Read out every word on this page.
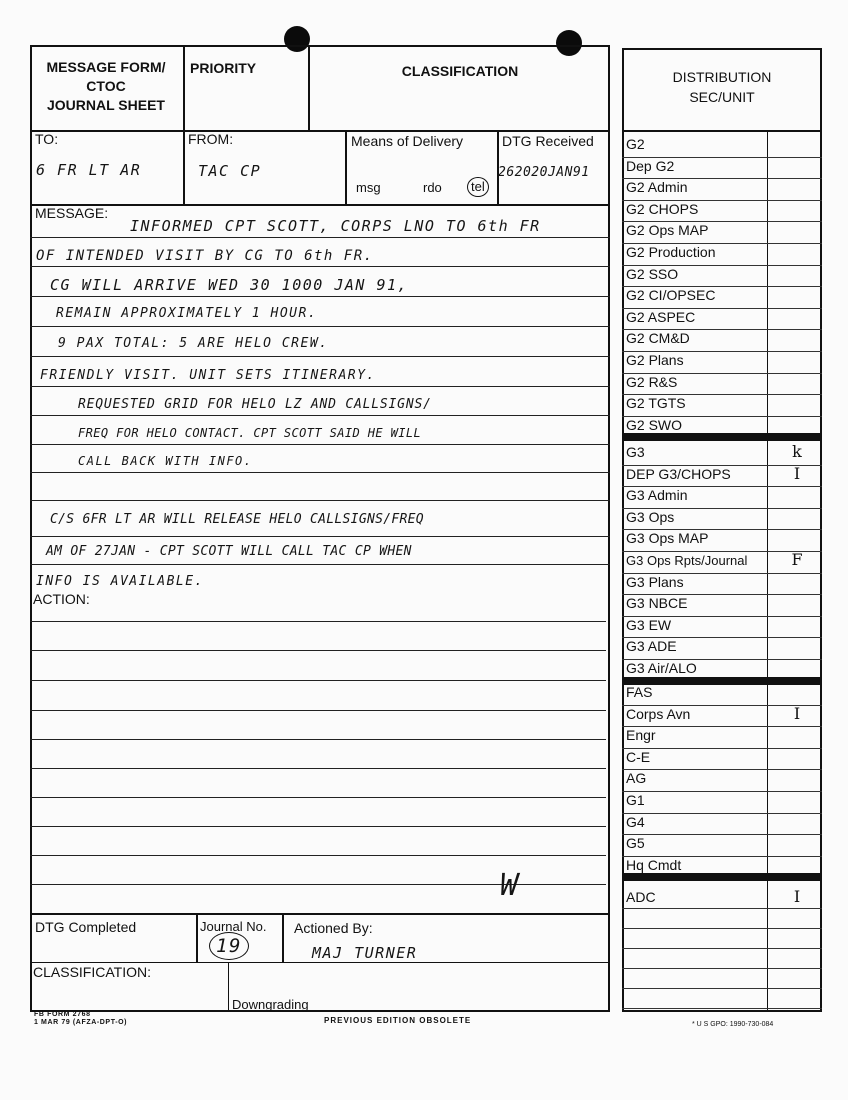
MESSAGE FORM/
CTOC
JOURNAL SHEET
PRIORITY	CLASSIFICATION
TO:
6 FR LT AR
FROM:
TAC CP
Means of Delivery
msg	rdo	tel
DTG Received
262020JAN91
MESSAGE:
INFORMED CPT SCOTT, CORPS LNO TO 6th FR
OF INTENDED VISIT BY CG TO 6th FR.
CG WILL ARRIVE WED 30 1000 JAN 91,
REMAIN APPROXIMATELY 1 HOUR.
9 PAX TOTAL: 5 ARE HELO CREW.
FRIENDLY VISIT. UNIT SETS ITINERARY.
REQUESTED GRID FOR HELO LZ AND CALLSIGNS/
FREQ FOR HELO CONTACT. CPT SCOTT SAID HE WILL
CALL BACK WITH INFO.
C/S 6FR LT AR WILL RELEASE HELO CALLSIGNS/FREQ
AM OF 27JAN - CPT SCOTT WILL CALL TAC CP WHEN
INFO IS AVAILABLE.
ACTION:
W
DTG Completed	Journal No.
19
Actioned By:
MAJ TURNER
CLASSIFICATION:
Downgrading
FB FORM 2768
1 MAR 79 (AFZA-DPT-O)	PREVIOUS EDITION OBSOLETE
DISTRIBUTION
SEC/UNIT
G2
Dep G2
G2 Admin
G2 CHOPS
G2 Ops MAP
G2 Production
G2 SSO
G2 CI/OPSEC
G2 ASPEC
G2 CM&D
G2 Plans
G2 R&S
G2 TGTS
G2 SWO
G3	k
DEP G3/CHOPS	I
G3 Admin
G3 Ops
G3 Ops MAP
G3 Ops Rpts/Journal	F
G3 Plans
G3 NBCE
G3 EW
G3 ADE
G3 Air/ALO
FAS
Corps Avn	I
Engr
C-E
AG
G1
G4
G5
Hq Cmdt
ADC	I
* U S GPO: 1990-730-084
